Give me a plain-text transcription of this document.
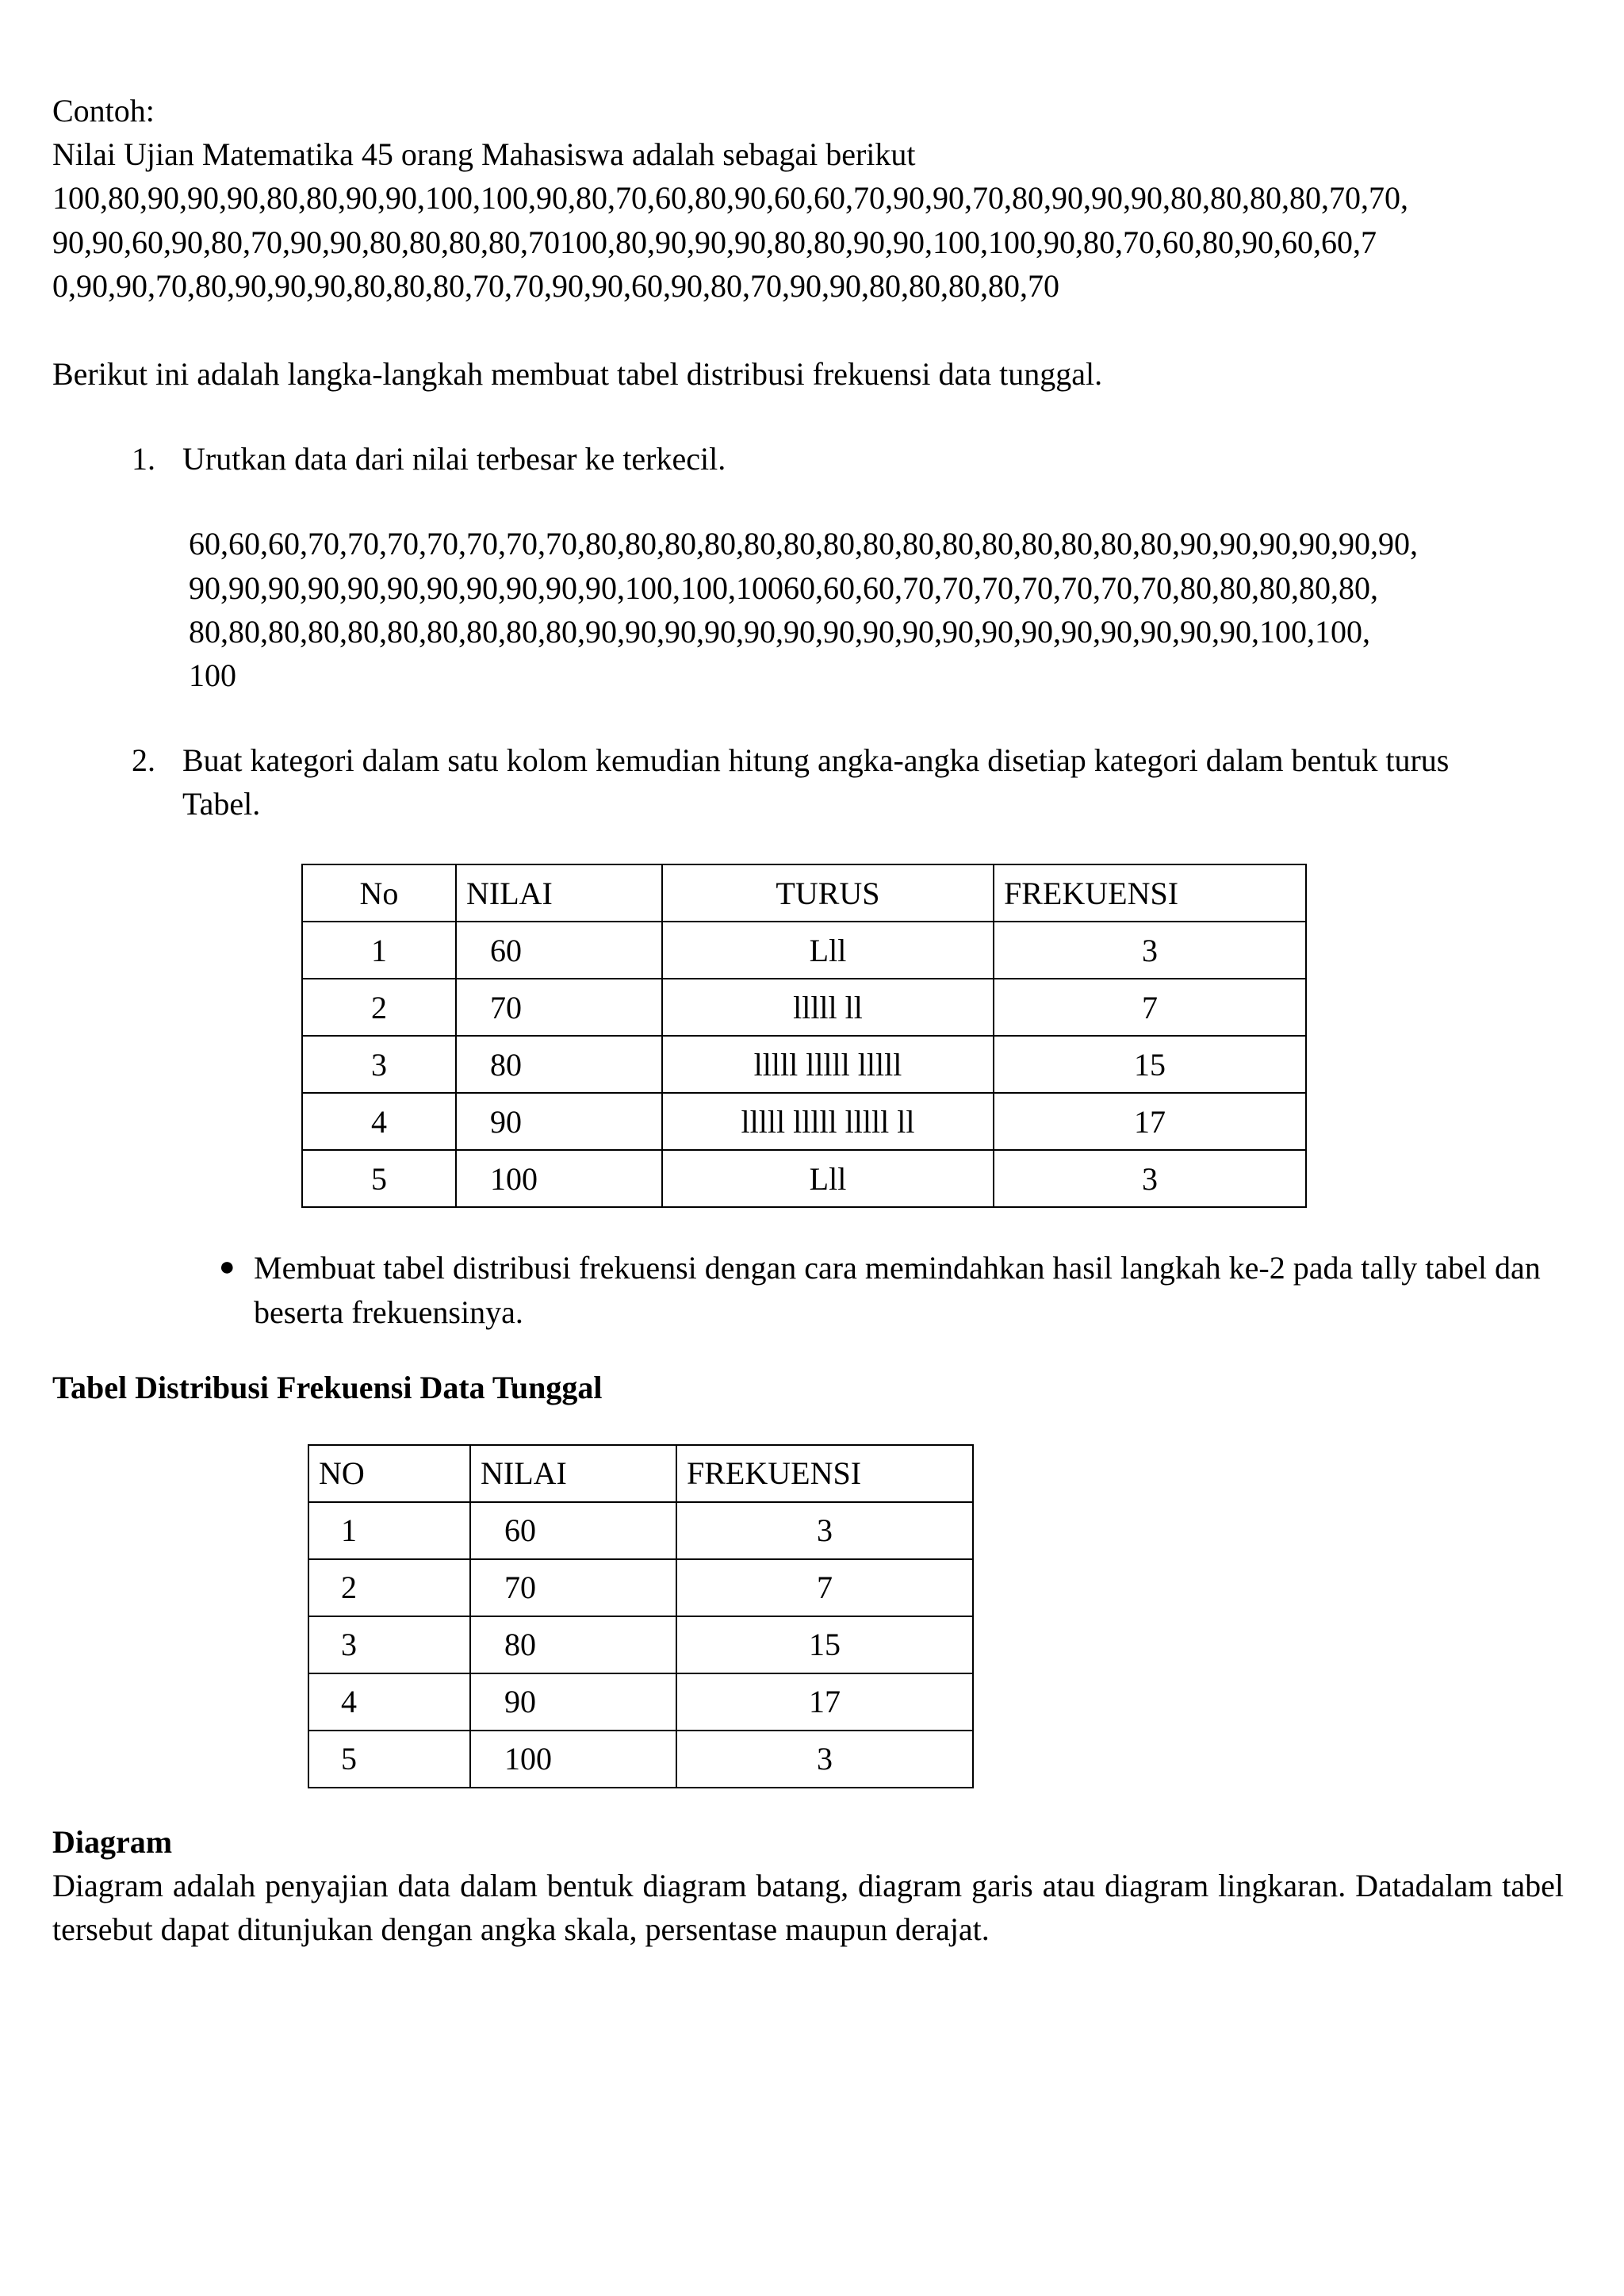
Contoh:

Nilai Ujian Matematika 45 orang Mahasiswa adalah sebagai berikut

100,80,90,90,90,80,80,90,90,100,100,90,80,70,60,80,90,60,60,70,90,90,70,80,90,90,90,80,80,80,80,70,70,

90,90,60,90,80,70,90,90,80,80,80,80,70100,80,90,90,90,80,80,90,90,100,100,90,80,70,60,80,90,60,60,7

0,90,90,70,80,90,90,90,80,80,80,70,70,90,90,60,90,80,70,90,90,80,80,80,80,70

Berikut ini adalah langka-langkah membuat tabel distribusi frekuensi data tunggal.

1. Urutkan data dari nilai terbesar ke terkecil.

60,60,60,70,70,70,70,70,70,70,80,80,80,80,80,80,80,80,80,80,80,80,80,80,80,90,90,90,90,90,90,

90,90,90,90,90,90,90,90,90,90,90,100,100,10060,60,60,70,70,70,70,70,70,70,80,80,80,80,80,

80,80,80,80,80,80,80,80,80,80,90,90,90,90,90,90,90,90,90,90,90,90,90,90,90,90,90,100,100,

100

2. Buat kategori dalam satu kolom kemudian hitung angka-angka disetiap kategori dalam bentuk turus Tabel.
No	NILAI	TURUS	FREKUENSI
1	60	Lll	3
2	70	lllll ll	7
3	80	lllll lllll lllll	15
4	90	lllll lllll lllll ll	17
5	100	Lll	3
● Membuat tabel distribusi frekuensi dengan cara memindahkan hasil langkah ke-2 pada tally tabel dan beserta frekuensinya.

Tabel Distribusi Frekuensi Data Tunggal

NO	NILAI	FREKUENSI
1	60	3
2	70	7
3	80	15
4	90	17
5	100	3

Diagram

Diagram adalah penyajian data dalam bentuk diagram batang, diagram garis atau diagram lingkaran. Datadalam tabel tersebut dapat ditunjukan dengan angka skala, persentase maupun derajat.
